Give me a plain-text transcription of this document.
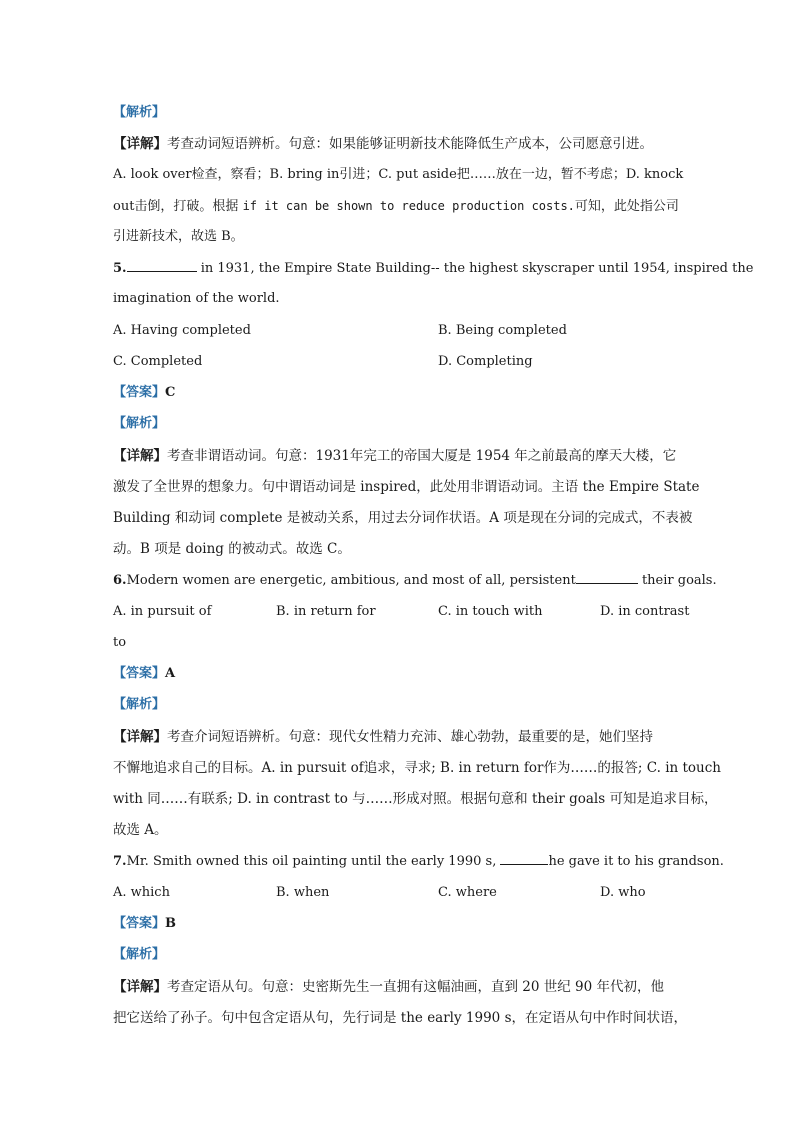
【解析】
【详解】考查动词短语辨析。句意：如果能够证明新技术能降低生产成本，公司愿意引进。
A. look over检查，察看；B. bring in引进；C. put aside把……放在一边，暂不考虑；D. knock
out击倒，打破。根据 if it can be shown to reduce production costs.可知，此处指公司
引进新技术，故选 B。
5.	in 1931, the Empire State Building-- the highest skyscraper until 1954, inspired the
imagination of the world.
A. Having completed	B. Being completed
C. Completed	D. Completing
【答案】C
【解析】
【详解】考查非谓语动词。句意：1931年完工的帝国大厦是 1954 年之前最高的摩天大楼，它
激发了全世界的想象力。句中谓语动词是 inspired，此处用非谓语动词。主语 the Empire State
Building 和动词 complete 是被动关系，用过去分词作状语。A 项是现在分词的完成式，不表被
动。B 项是 doing 的被动式。故选 C。
6.Modern women are energetic, ambitious, and most of all, persistent	their goals.
A. in pursuit of	B. in return for	C. in touch with	D. in contrast
to
【答案】A
【解析】
【详解】考查介词短语辨析。句意：现代女性精力充沛、雄心勃勃，最重要的是，她们坚持
不懈地追求自己的目标。A. in pursuit of追求，寻求; B. in return for作为……的报答; C. in touch
with 同……有联系; D. in contrast to 与……形成对照。根据句意和 their goals 可知是追求目标，
故选 A。
7.Mr. Smith owned this oil painting until the early 1990 s,	he gave it to his grandson.
A. which	B. when	C. where	D. who
【答案】B
【解析】
【详解】考查定语从句。句意：史密斯先生一直拥有这幅油画，直到 20 世纪 90 年代初，他
把它送给了孙子。句中包含定语从句，先行词是 the early 1990 s，在定语从句中作时间状语，
